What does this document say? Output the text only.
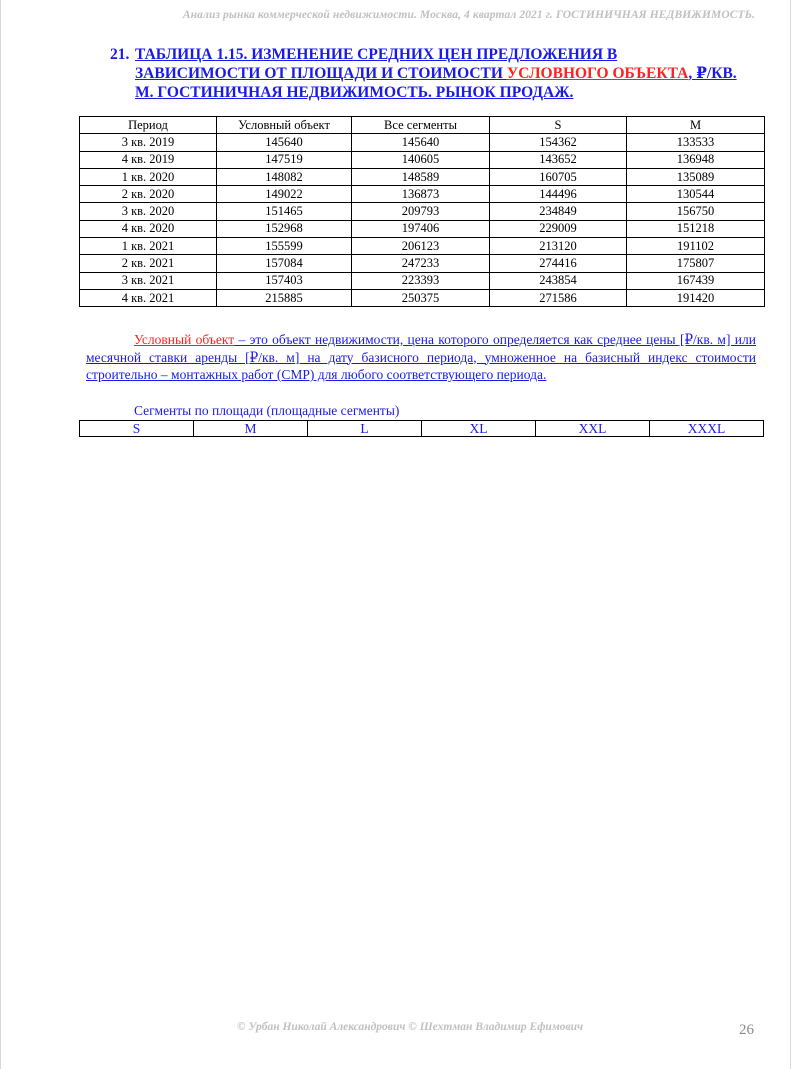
Анализ рынка коммерческой недвижимости. Москва, 4 квартал 2021 г. ГОСТИНИЧНАЯ НЕДВИЖИМОСТЬ.
21. ТАБЛИЦА 1.15. ИЗМЕНЕНИЕ СРЕДНИХ ЦЕН ПРЕДЛОЖЕНИЯ В
ЗАВИСИМОСТИ ОТ ПЛОЩАДИ И СТОИМОСТИ УСЛОВНОГО ОБЪЕКТА, ₽/КВ.
М. ГОСТИНИЧНАЯ НЕДВИЖИМОСТЬ. РЫНОК ПРОДАЖ.
Период	Условный объект	Все сегменты	S	M
3 кв. 2019	145640	145640	154362	133533
4 кв. 2019	147519	140605	143652	136948
1 кв. 2020	148082	148589	160705	135089
2 кв. 2020	149022	136873	144496	130544
3 кв. 2020	151465	209793	234849	156750
4 кв. 2020	152968	197406	229009	151218
1 кв. 2021	155599	206123	213120	191102
2 кв. 2021	157084	247233	274416	175807
3 кв. 2021	157403	223393	243854	167439
4 кв. 2021	215885	250375	271586	191420

Условный объект – это объект недвижимости, цена которого определяется как среднее цены [₽/кв. м] или месячной ставки аренды [₽/кв. м] на дату базисного периода, умноженное на базисный индекс стоимости строительно – монтажных работ (СМР) для любого соответствующего периода.

Сегменты по площади (площадные сегменты)
S	M	L	XL	XXL	XXXL
© Урбан Николай Александрович © Шехтман Владимир Ефимович	26
